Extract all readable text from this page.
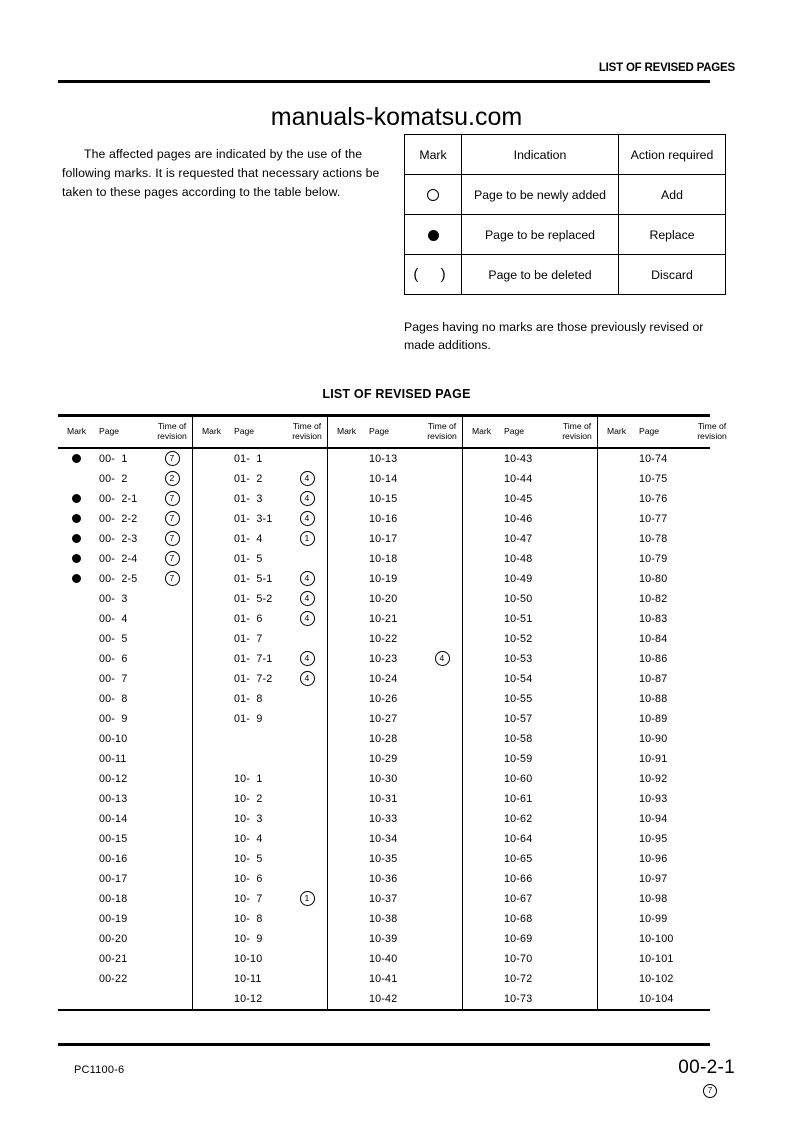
LIST OF REVISED PAGES
manuals-komatsu.com

The affected pages are indicated by the use of the following marks. It is requested that necessary actions be taken to these pages according to the table below.

Mark	Indication	Action required
	Page to be newly added	Add
	Page to be replaced	Replace
( )	Page to be deleted	Discard

Pages having no marks are those previously revised or made additions.

LIST OF REVISED PAGE
Mark	Page	Time of revision	Mark	Page	Time of revision	Mark	Page	Time of revision	Mark	Page	Time of revision	Mark	Page	Time of revision
	00-  1	7		01-  1			10-13			10-43			10-74	
	00-  2	2		01-  2	4		10-14			10-44			10-75	
	00-  2-1	7		01-  3	4		10-15			10-45			10-76	
	00-  2-2	7		01-  3-1	4		10-16			10-46			10-77	
	00-  2-3	7		01-  4	1		10-17			10-47			10-78	
	00-  2-4	7		01-  5			10-18			10-48			10-79	
	00-  2-5	7		01-  5-1	4		10-19			10-49			10-80	
	00-  3			01-  5-2	4		10-20			10-50			10-82	
	00-  4			01-  6	4		10-21			10-51			10-83	
	00-  5			01-  7			10-22			10-52			10-84	
	00-  6			01-  7-1	4		10-23	4		10-53			10-86	
	00-  7			01-  7-2	4		10-24			10-54			10-87	
	00-  8			01-  8			10-26			10-55			10-88	
	00-  9			01-  9			10-27			10-57			10-89	
	00-10						10-28			10-58			10-90	
	00-11						10-29			10-59			10-91	
	00-12			10-  1			10-30			10-60			10-92	
	00-13			10-  2			10-31			10-61			10-93	
	00-14			10-  3			10-33			10-62			10-94	
	00-15			10-  4			10-34			10-64			10-95	
	00-16			10-  5			10-35			10-65			10-96	
	00-17			10-  6			10-36			10-66			10-97	
	00-18			10-  7	1		10-37			10-67			10-98	
	00-19			10-  8			10-38			10-68			10-99	
	00-20			10-  9			10-39			10-69			10-100	
	00-21			10-10			10-40			10-70			10-101	
	00-22			10-11			10-41			10-72			10-102	
				10-12			10-42			10-73			10-104	
PC1100-6	00-2-1
7
